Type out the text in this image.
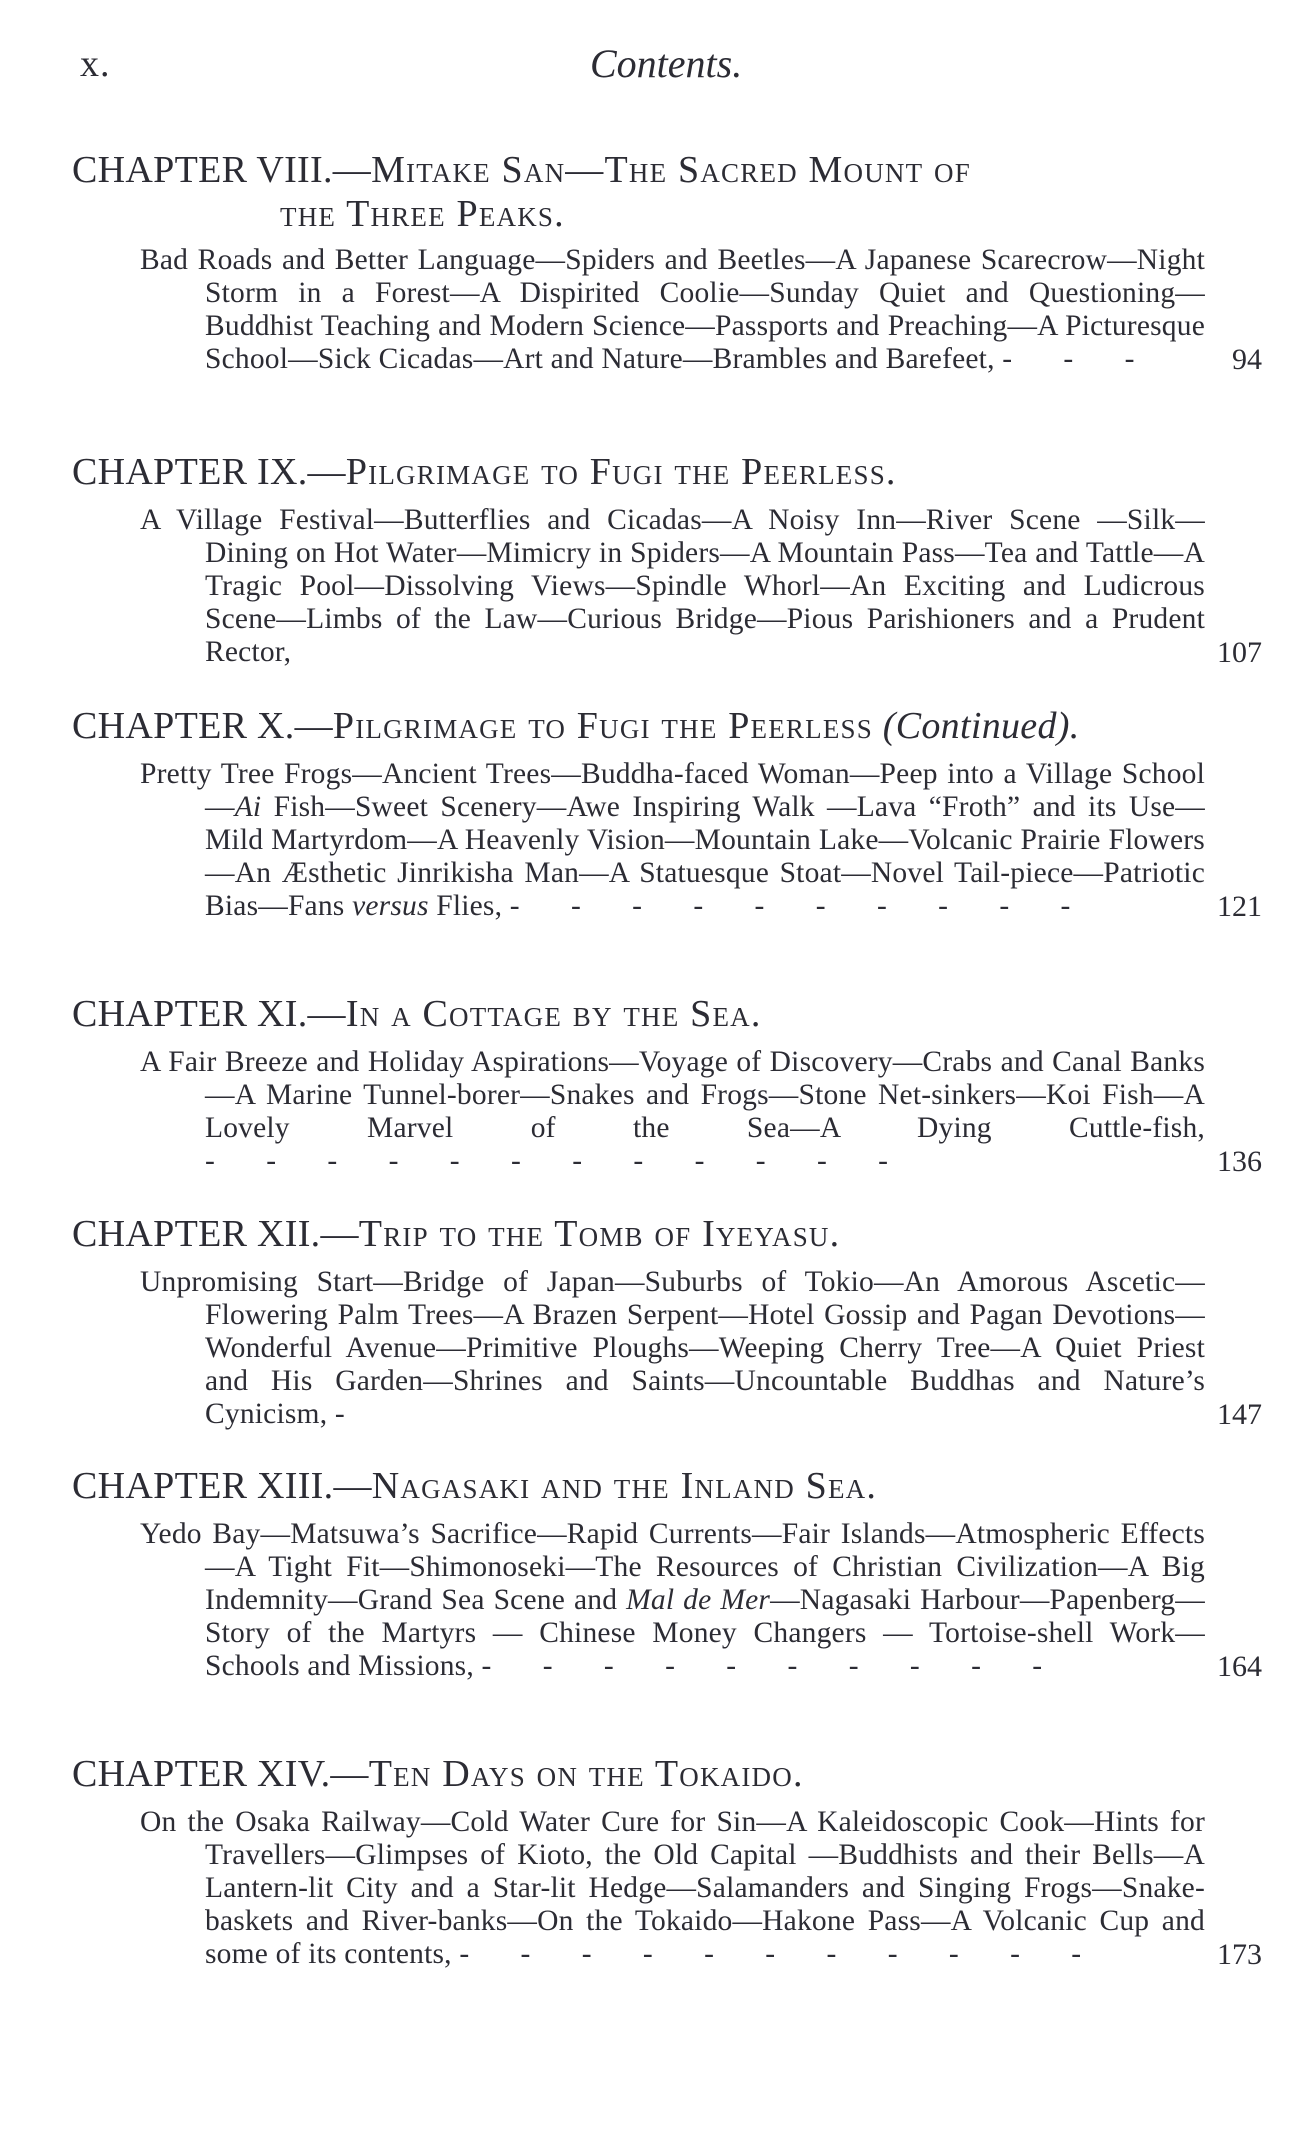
x.	Contents.
CHAPTER VIII.—Mitake San—The Sacred Mount of
the Three Peaks.
Bad Roads and Better Language—Spiders and Beetles—A Japanese Scarecrow—Night Storm in a Forest—A Dispirited Coolie—Sunday Quiet and Questioning—Buddhist Teaching and Modern Science—Passports and Preaching—A Picturesque School—Sick Cicadas—Art and Nature—Brambles and Barefeet, - - -	94
CHAPTER IX.—Pilgrimage to Fugi the Peerless.
A Village Festival—Butterflies and Cicadas—A Noisy Inn—River Scene —Silk—Dining on Hot Water—Mimicry in Spiders—A Mountain Pass—Tea and Tattle—A Tragic Pool—Dissolving Views—Spindle Whorl—An Exciting and Ludicrous Scene—Limbs of the Law—Curious Bridge—Pious Parishioners and a Prudent Rector,	107
CHAPTER X.—Pilgrimage to Fugi the Peerless (Continued).
Pretty Tree Frogs—Ancient Trees—Buddha-faced Woman—Peep into a Village School—Ai Fish—Sweet Scenery—Awe Inspiring Walk —Lava “Froth” and its Use—Mild Martyrdom—A Heavenly Vision—Mountain Lake—Volcanic Prairie Flowers—An Æsthetic Jinrikisha Man—A Statuesque Stoat—Novel Tail-piece—Patriotic Bias—Fans versus Flies, - - - - - - - - - -	121
CHAPTER XI.—In a Cottage by the Sea.
A Fair Breeze and Holiday Aspirations—Voyage of Discovery—Crabs and Canal Banks—A Marine Tunnel-borer—Snakes and Frogs—Stone Net-sinkers—Koi Fish—A Lovely Marvel of the Sea—A Dying Cuttle-fish, - - - - - - - - - - - -	136
CHAPTER XII.—Trip to the Tomb of Iyeyasu.
Unpromising Start—Bridge of Japan—Suburbs of Tokio—An Amorous Ascetic—Flowering Palm Trees—A Brazen Serpent—Hotel Gossip and Pagan Devotions—Wonderful Avenue—Primitive Ploughs—Weeping Cherry Tree—A Quiet Priest and His Garden—Shrines and Saints—Uncountable Buddhas and Nature’s Cynicism, -	147
CHAPTER XIII.—Nagasaki and the Inland Sea.
Yedo Bay—Matsuwa’s Sacrifice—Rapid Currents—Fair Islands—Atmospheric Effects—A Tight Fit—Shimonoseki—The Resources of Christian Civilization—A Big Indemnity—Grand Sea Scene and Mal de Mer—Nagasaki Harbour—Papenberg—Story of the Martyrs — Chinese Money Changers — Tortoise-shell Work—Schools and Missions, - - - - - - - - - -	164
CHAPTER XIV.—Ten Days on the Tokaido.
On the Osaka Railway—Cold Water Cure for Sin—A Kaleidoscopic Cook—Hints for Travellers—Glimpses of Kioto, the Old Capital —Buddhists and their Bells—A Lantern-lit City and a Star-lit Hedge—Salamanders and Singing Frogs—Snake-baskets and River-banks—On the Tokaido—Hakone Pass—A Volcanic Cup and some of its contents, - - - - - - - - - - -	173
